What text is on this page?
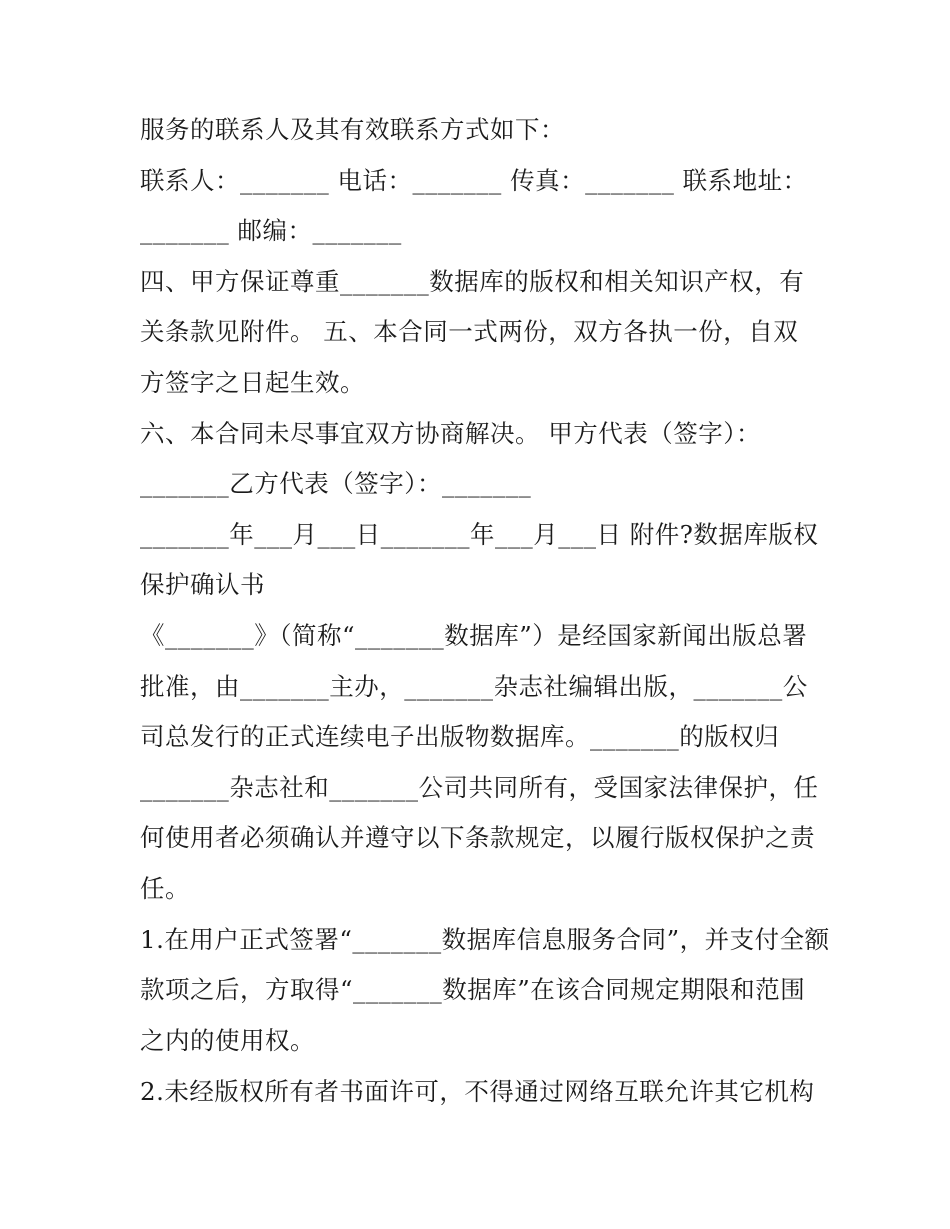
服务的联系人及其有效联系方式如下：
联系人：_______ 电话：_______ 传真：_______ 联系地址：
_______ 邮编：_______
四、甲方保证尊重_______数据库的版权和相关知识产权，有
关条款见附件。 五、本合同一式两份，双方各执一份，自双
方签字之日起生效。
六、本合同未尽事宜双方协商解决。 甲方代表（签字）：
_______乙方代表（签字）：_______
_______年___月___日_______年___月___日 附件?数据库版权
保护确认书
《_______》（简称“_______数据库”）是经国家新闻出版总署
批准，由_______主办，_______杂志社编辑出版，_______公
司总发行的正式连续电子出版物数据库。_______的版权归
_______杂志社和_______公司共同所有，受国家法律保护，任
何使用者必须确认并遵守以下条款规定，以履行版权保护之责
任。
1.在用户正式签署“_______数据库信息服务合同”，并支付全额
款项之后，方取得“_______数据库”在该合同规定期限和范围
之内的使用权。
2.未经版权所有者书面许可，不得通过网络互联允许其它机构
